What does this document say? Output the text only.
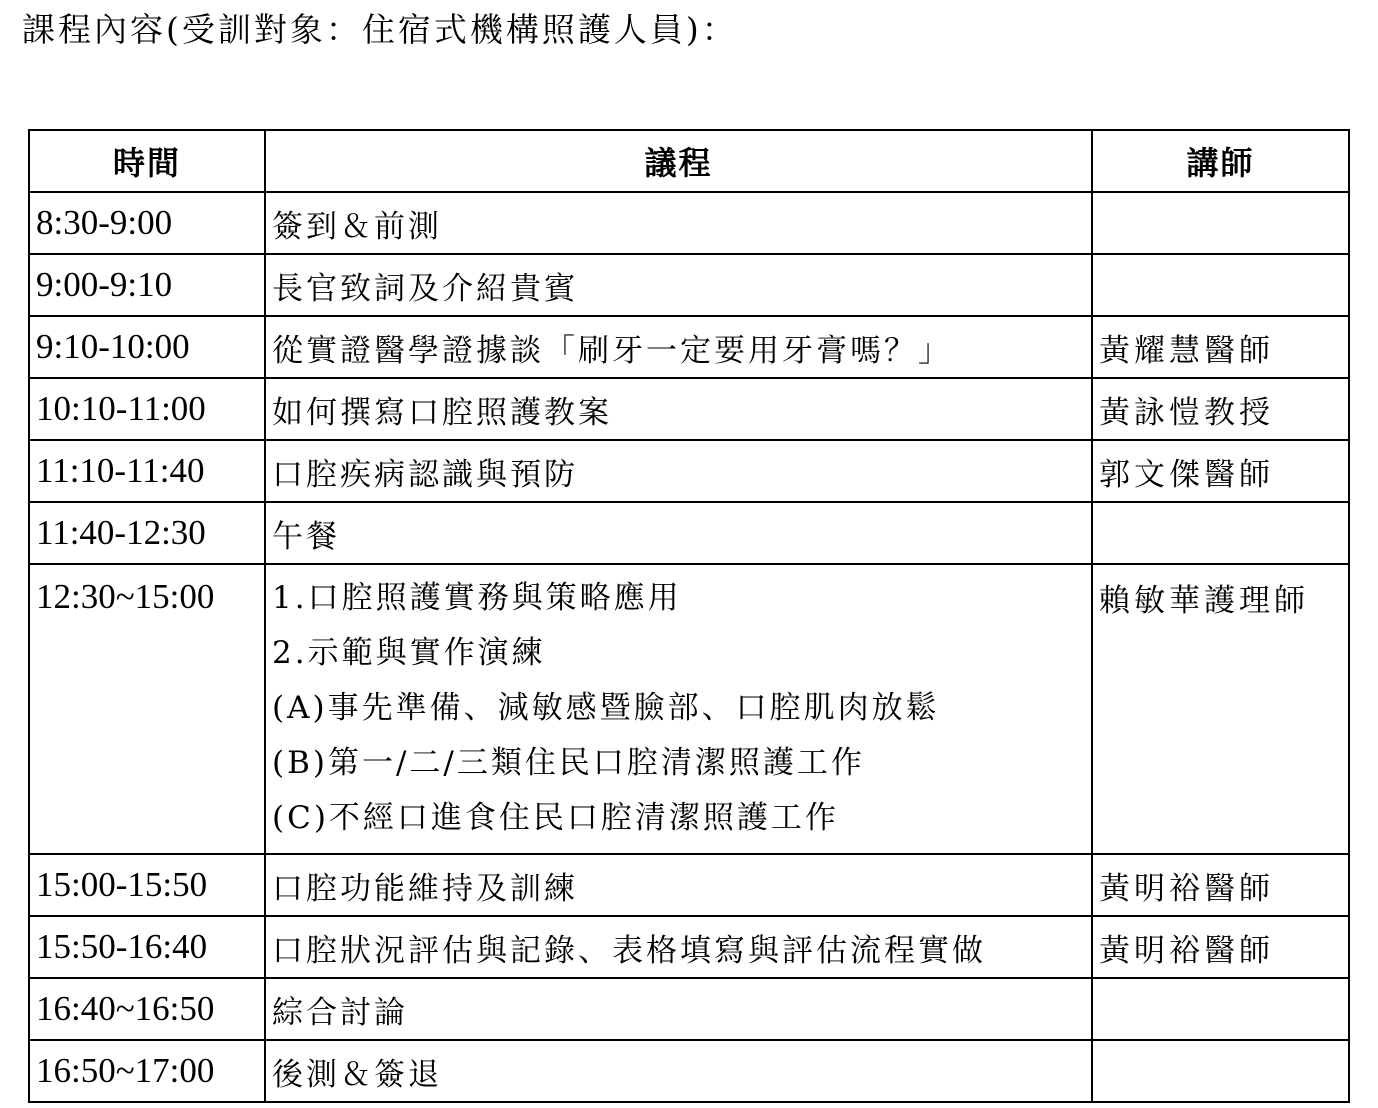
課程內容(受訓對象：住宿式機構照護人員)：
時間	議程	講師
8:30-9:00	簽到＆前測	
9:00-9:10	長官致詞及介紹貴賓	
9:10-10:00	從實證醫學證據談「刷牙一定要用牙膏嗎？」	黃耀慧醫師
10:10-11:00	如何撰寫口腔照護教案	黃詠愷教授
11:10-11:40	口腔疾病認識與預防	郭文傑醫師
11:40-12:30	午餐	
12:30~15:00	1.口腔照護實務與策略應用
2.示範與實作演練
(A)事先準備、減敏感暨臉部、口腔肌肉放鬆
(B)第一/二/三類住民口腔清潔照護工作
(C)不經口進食住民口腔清潔照護工作	賴敏華護理師
15:00-15:50	口腔功能維持及訓練	黃明裕醫師
15:50-16:40	口腔狀況評估與記錄、表格填寫與評估流程實做	黃明裕醫師
16:40~16:50	綜合討論	
16:50~17:00	後測＆簽退	
